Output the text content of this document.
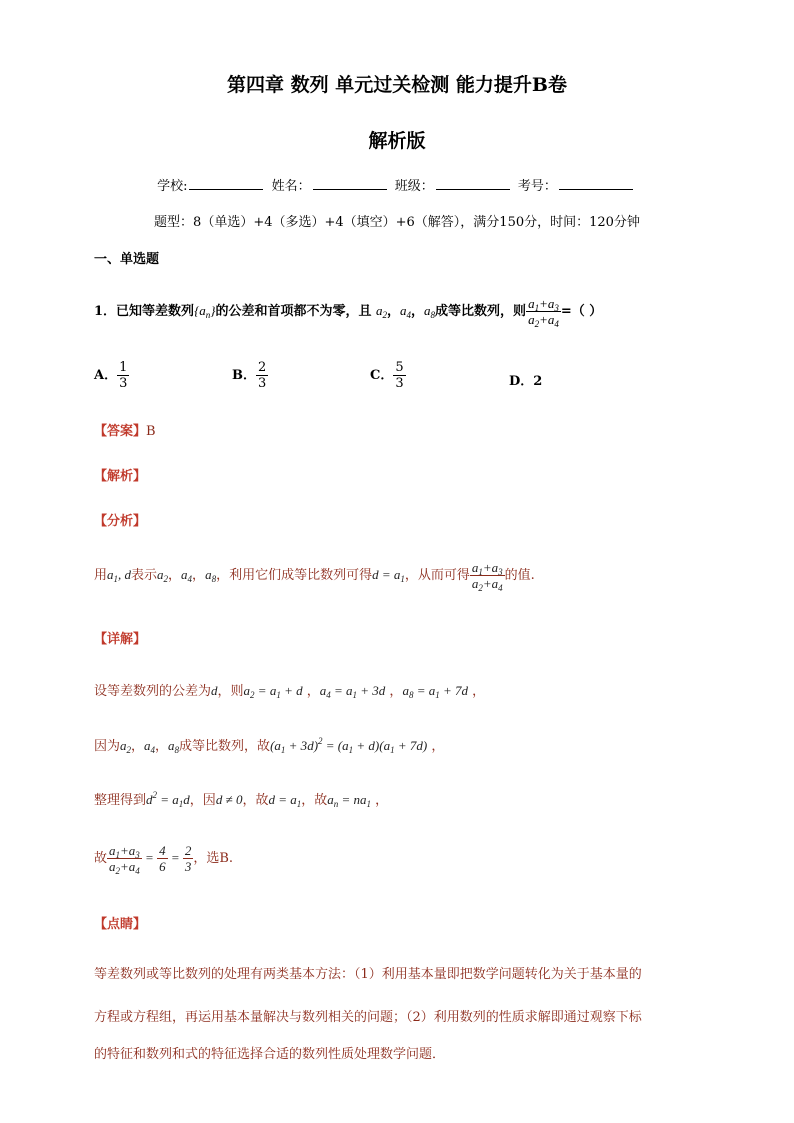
第四章 数列 单元过关检测 能力提升B卷
解析版
学校:	姓名：	班级：	考号：
题型：8（单选）+4（多选）+4（填空）+6（解答），满分150分，时间：120分钟
一、单选题
1．已知等差数列$\{a_n\}$的公差和首项都不为零，且 $a_2$，$a_4$，$a_8$成等比数列，则 $\frac{a_1+a_3}{a_2+a_4}$ =（ ）
A． $\frac{1}{3}$	B． $\frac{2}{3}$	C． $\frac{5}{3}$	D．2
【答案】B
【解析】
【分析】
用$a_1$, d表示$a_2$，$a_4$，$a_8$，利用它们成等比数列可得$d = a_1$，从而可得 $\frac{a_1+a_3}{a_2+a_4}$ 的值.
【详解】
设等差数列的公差为d，则$a_2 = a_1 + d$ ，$a_4 = a_1 + 3d$ ，$a_8 = a_1 + 7d$ ，
因为$a_2$，$a_4$，$a_8$成等比数列，故$(a_1 + 3d)^2 = (a_1 + d)(a_1 + 7d)$ ，
整理得到$d^2 = a_1d$，因d ≠ 0，故$d = a_1$，故$a_n = na_1$ ，
故 $\frac{a_1+a_3}{a_2+a_4} = \frac{4}{6} = \frac{2}{3}$ ，选B.
【点睛】
等差数列或等比数列的处理有两类基本方法：（1）利用基本量即把数学问题转化为关于基本量的
方程或方程组，再运用基本量解决与数列相关的问题；（2）利用数列的性质求解即通过观察下标
的特征和数列和式的特征选择合适的数列性质处理数学问题．
